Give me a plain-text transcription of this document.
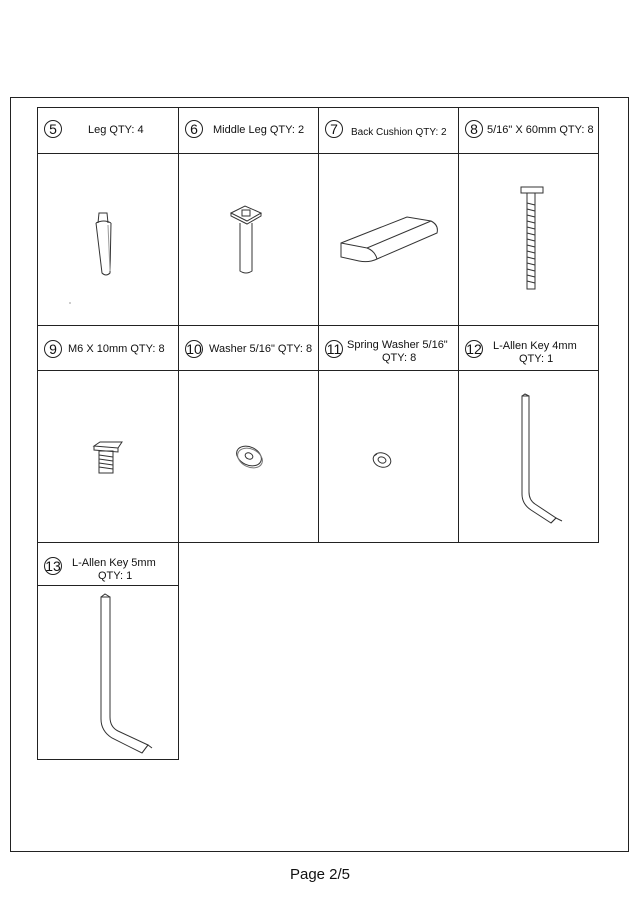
5	Leg QTY: 4	6	Middle Leg QTY: 2	7	Back Cushion QTY: 2	8 5/16" X 60mm QTY: 8
9	M6 X 10mm QTY: 8 10 Washer 5/16" QTY: 8 11 Spring Washer 5/16"
QTY: 8
12 L-Allen Key 4mm
QTY: 1
13 L-Allen Key 5mm
QTY: 1
Page 2/5
